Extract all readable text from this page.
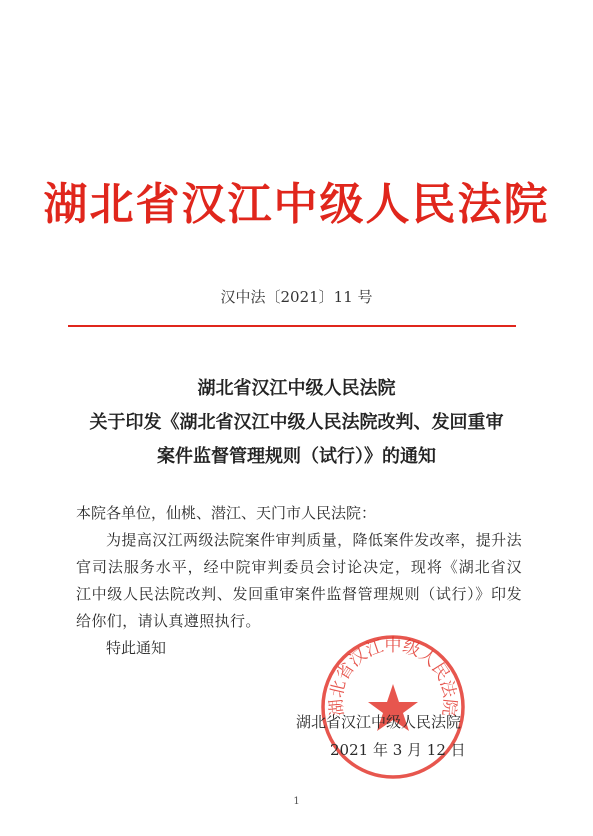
湖北省汉江中级人民法院
汉中法〔2021〕11 号
湖北省汉江中级人民法院
关于印发《湖北省汉江中级人民法院改判、发回重审
案件监督管理规则（试行）》的通知

本院各单位，仙桃、潜江、天门市人民法院：

为提高汉江两级法院案件审判质量，降低案件发改率，提升法官司法服务水平，经中院审判委员会讨论决定，现将《湖北省汉江中级人民法院改判、发回重审案件监督管理规则（试行）》印发给你们，请认真遵照执行。

特此通知

湖北省汉江中级人民法院
湖北省汉江中级人民法院
2021 年 3 月 12 日
1
